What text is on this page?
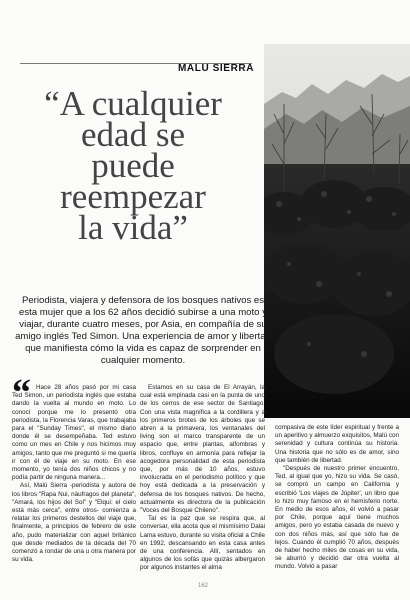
MALU SIERRA
“A cualquier
edad se
puede
reempezar
la vida”

Periodista, viajera y defensora de los bosques nativos es esta mujer que a los 62 años decidió subirse a una moto y viajar, durante cuatro meses, por Asia, en compañía de su amigo inglés Ted Simon. Una experiencia de amor y libertad que manifiesta cómo la vida es capaz de sorprender en cualquier momento.

“ Hace 28 años pasó por mi casa Ted Simon, un periodista inglés que estaba dando la vuelta al mundo en moto. Lo conocí porque me lo presentó otra periodista, la Florencia Varas, que trabajaba para el "Sunday Times", el mismo diario donde él se desempeñaba. Ted estuvo como un mes en Chile y nos hicimos muy amigos, tanto que me preguntó si me quería ir con él de viaje en su moto. En ese momento, yo tenía dos niños chicos y no podía partir de ninguna manera...

Así, Malú Sierra -periodista y autora de los libros "Rapa Nui, náufragos del planeta", "Amará, los hijos del Sol" y "Elqui: el cielo está más cerca", entre otros- comienza a relatar los primeros destellos del viaje que, finalmente, a principios de febrero de este año, pudo materializar con aquel británico que desde mediados de la década del 70 comenzó a rondar de una u otra manera por su vida.

Estamos en su casa de El Arrayán, la cual está empinada casi en la punta de uno de los cerros de ese sector de Santiago. Con una vista magnífica a la cordillera y a los primeros brotes de los árboles que se abren a la primavera, los ventanales del living son el marco transparente de un espacio que, entre plantas, alfombras y libros, confluye en armonía para reflejar la acogedora personalidad de esta periodista que, por más de 10 años, estuvo involucrada en el periodismo político y que hoy está dedicada a la preservación y defensa de los bosques nativos. De hecho, actualmente es directora de la publicación "Voces del Bosque Chileno".

Tal es la paz que se respira que, al conversar, ella acota que el mismísimo Dalai Lama estuvo, durante su visita oficial a Chile en 1992, descansando en esta casa antes de una conferencia. Allí, sentados en algunos de los sofás que quizás albergaron por algunos instantes el alma

compasiva de este líder espiritual y frente a un aperitivo y almuerzo exquisitos, Malú con serenidad y cultura continúa su historia. Una historia que no sólo es de amor, sino que también de libertad.

"Después de nuestro primer encuentro, Ted, al igual que yo, hizo su vida. Se casó, se compró un campo en California y escribió 'Los viajes de Júpiter', un libro que lo hizo muy famoso en el hemisferio norte. En medio de esos años, él volvió a pasar por Chile, porque aquí tiene muchos amigos, pero yo estaba casada de nuevo y con dos niños más, así que sólo fue de lejos. Cuando él cumplió 70 años, después de haber hecho miles de cosas en su vida, se aburrió y decidió dar otra vuelta al mundo. Volvió a pasar

162
